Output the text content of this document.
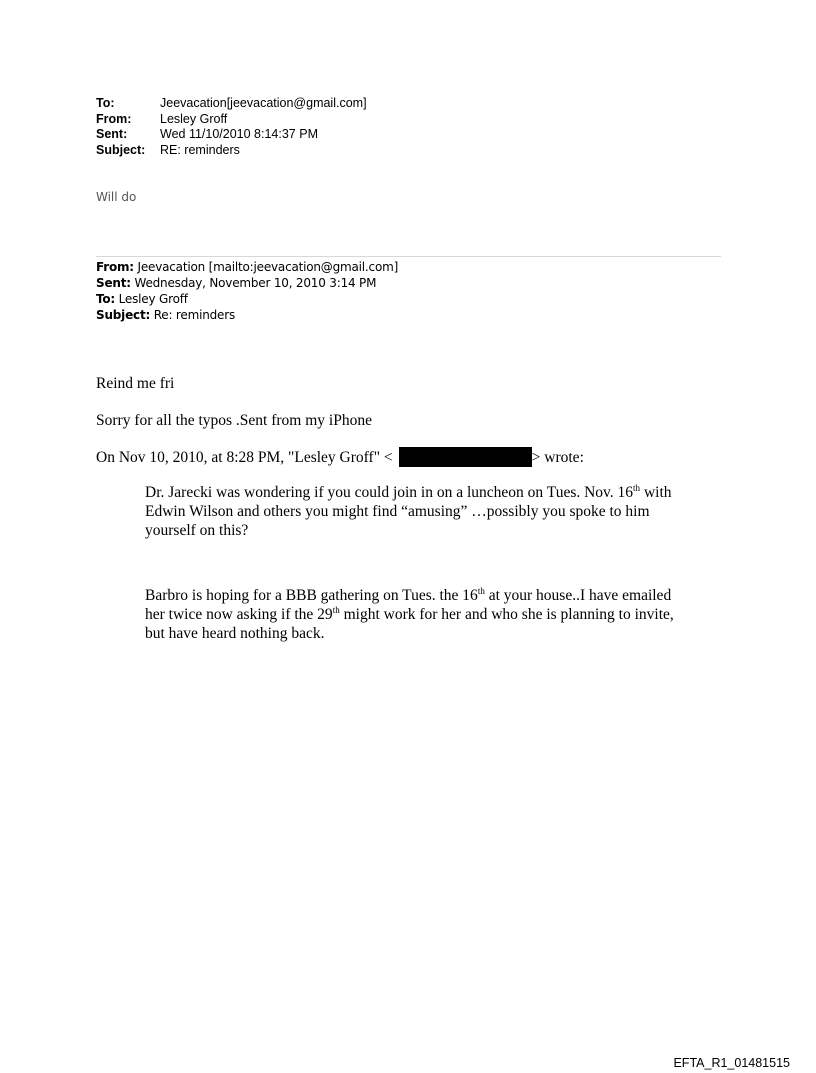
To:	Jeevacation[jeevacation@gmail.com]
From:	Lesley Groff
Sent:	Wed 11/10/2010 8:14:37 PM
Subject:	RE: reminders
Will do
From: Jeevacation [mailto:jeevacation@gmail.com]
Sent: Wednesday, November 10, 2010 3:14 PM
To: Lesley Groff
Subject: Re: reminders
Reind me fri
Sorry for all the typos .Sent from my iPhone
On Nov 10, 2010, at 8:28 PM, "Lesley Groff" <	> wrote:
Dr. Jarecki was wondering if you could join in on a luncheon on Tues. Nov. 16th with Edwin Wilson and others you might find “amusing” …possibly you spoke to him yourself on this?
Barbro is hoping for a BBB gathering on Tues. the 16th at your house..I have emailed her twice now asking if the 29th might work for her and who she is planning to invite, but have heard nothing back.
EFTA_R1_01481515
